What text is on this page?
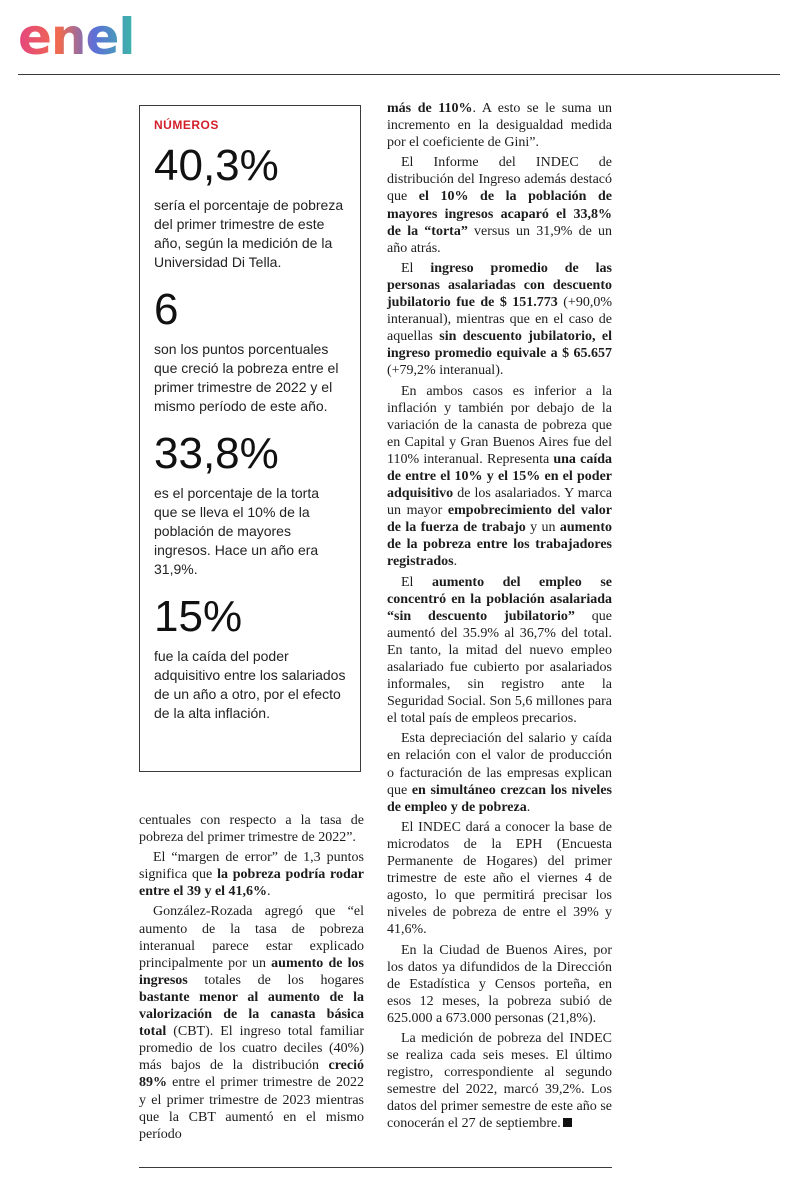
enel
NÚMEROS
40,3%

sería el porcentaje de pobreza del primer trimestre de este año, según la medición de la Universidad Di Tella.

6

son los puntos porcentuales que creció la pobreza entre el primer trimestre de 2022 y el mismo período de este año.

33,8%

es el porcentaje de la torta que se lleva el 10% de la población de mayores ingresos. Hace un año era 31,9%.

15%

fue la caída del poder adquisitivo entre los salariados de un año a otro, por el efecto de la alta inflación.

centuales con respecto a la tasa de pobreza del primer trimestre de 2022”.

El “margen de error” de 1,3 puntos significa que la pobreza podría rodar entre el 39 y el 41,6%.

González-Rozada agregó que “el aumento de la tasa de pobreza interanual parece estar explicado principalmente por un aumento de los ingresos totales de los hogares bastante menor al aumento de la valorización de la canasta básica total (CBT). El ingreso total familiar promedio de los cuatro deciles (40%) más bajos de la distribución creció 89% entre el primer trimestre de 2022 y el primer trimestre de 2023 mientras que la CBT aumentó en el mismo período

más de 110%. A esto se le suma un incremento en la desigualdad medida por el coeficiente de Gini”.

El Informe del INDEC de distribución del Ingreso además destacó que el 10% de la población de mayores ingresos acaparó el 33,8% de la “torta” versus un 31,9% de un año atrás.

El ingreso promedio de las personas asalariadas con descuento jubilatorio fue de $ 151.773 (+90,0% interanual), mientras que en el caso de aquellas sin descuento jubilatorio, el ingreso promedio equivale a $ 65.657 (+79,2% interanual).

En ambos casos es inferior a la inflación y también por debajo de la variación de la canasta de pobreza que en Capital y Gran Buenos Aires fue del 110% interanual. Representa una caída de entre el 10% y el 15% en el poder adquisitivo de los asalariados. Y marca un mayor empobrecimiento del valor de la fuerza de trabajo y un aumento de la pobreza entre los trabajadores registrados.

El aumento del empleo se concentró en la población asalariada “sin descuento jubilatorio” que aumentó del 35.9% al 36,7% del total. En tanto, la mitad del nuevo empleo asalariado fue cubierto por asalariados informales, sin registro ante la Seguridad Social. Son 5,6 millones para el total país de empleos precarios.

Esta depreciación del salario y caída en relación con el valor de producción o facturación de las empresas explican que en simultáneo crezcan los niveles de empleo y de pobreza.

El INDEC dará a conocer la base de microdatos de la EPH (Encuesta Permanente de Hogares) del primer trimestre de este año el viernes 4 de agosto, lo que permitirá precisar los niveles de pobreza de entre el 39% y 41,6%.

En la Ciudad de Buenos Aires, por los datos ya difundidos de la Dirección de Estadística y Censos porteña, en esos 12 meses, la pobreza subió de 625.000 a 673.000 personas (21,8%).

La medición de pobreza del INDEC se realiza cada seis meses. El último registro, correspondiente al segundo semestre del 2022, marcó 39,2%. Los datos del primer semestre de este año se conocerán el 27 de septiembre.
